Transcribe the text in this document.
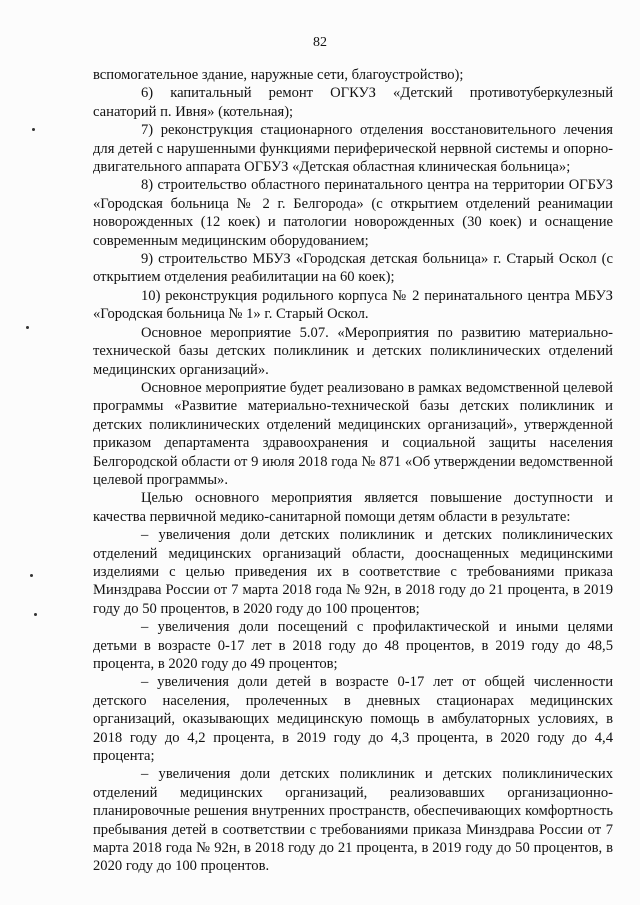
82

вспомогательное здание, наружные сети, благоустройство);

6) капитальный ремонт ОГКУЗ «Детский противотуберкулезный санаторий п. Ивня» (котельная);

7) реконструкция стационарного отделения восстановительного лечения для детей с нарушенными функциями периферической нервной системы и опорно-двигательного аппарата ОГБУЗ «Детская областная клиническая больница»;

8) строительство областного перинатального центра на территории ОГБУЗ «Городская больница № 2 г. Белгорода» (с открытием отделений реанимации новорожденных (12 коек) и патологии новорожденных (30 коек) и оснащение современным медицинским оборудованием;

9) строительство МБУЗ «Городская детская больница» г. Старый Оскол (с открытием отделения реабилитации на 60 коек);

10) реконструкция родильного корпуса № 2 перинатального центра МБУЗ «Городская больница № 1» г. Старый Оскол.

Основное мероприятие 5.07. «Мероприятия по развитию материально-технической базы детских поликлиник и детских поликлинических отделений медицинских организаций».

Основное мероприятие будет реализовано в рамках ведомственной целевой программы «Развитие материально-технической базы детских поликлиник и детских поликлинических отделений медицинских организаций», утвержденной приказом департамента здравоохранения и социальной защиты населения Белгородской области от 9 июля 2018 года № 871 «Об утверждении ведомственной целевой программы».

Целью основного мероприятия является повышение доступности и качества первичной медико-санитарной помощи детям области в результате:

– увеличения доли детских поликлиник и детских поликлинических отделений медицинских организаций области, дооснащенных медицинскими изделиями с целью приведения их в соответствие с требованиями приказа Минздрава России от 7 марта 2018 года № 92н, в 2018 году до 21 процента, в 2019 году до 50 процентов, в 2020 году до 100 процентов;

– увеличения доли посещений с профилактической и иными целями детьми в возрасте 0-17 лет в 2018 году до 48 процентов, в 2019 году до 48,5 процента, в 2020 году до 49 процентов;

– увеличения доли детей в возрасте 0-17 лет от общей численности детского населения, пролеченных в дневных стационарах медицинских организаций, оказывающих медицинскую помощь в амбулаторных условиях, в 2018 году до 4,2 процента, в 2019 году до 4,3 процента, в 2020 году до 4,4 процента;

– увеличения доли детских поликлиник и детских поликлинических отделений медицинских организаций, реализовавших организационно-планировочные решения внутренних пространств, обеспечивающих комфортность пребывания детей в соответствии с требованиями приказа Минздрава России от 7 марта 2018 года № 92н, в 2018 году до 21 процента, в 2019 году до 50 процентов, в 2020 году до 100 процентов.
